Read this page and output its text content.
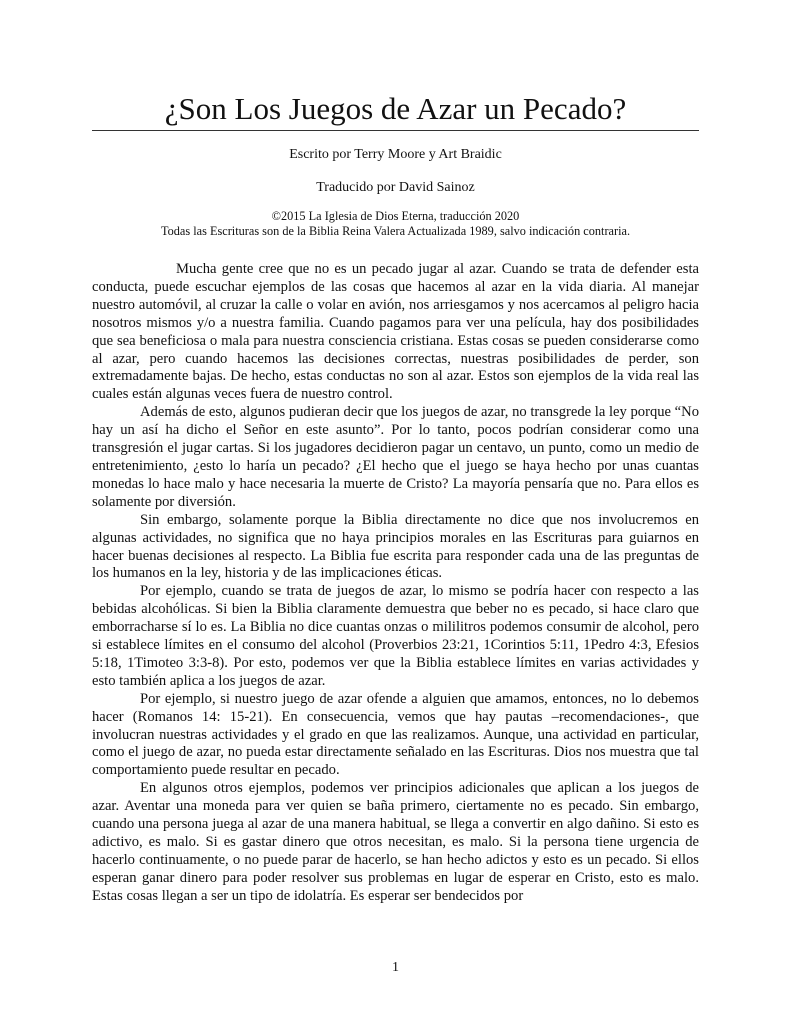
¿Son Los Juegos de Azar un Pecado?

Escrito por Terry Moore y Art Braidic

Traducido por David Sainoz

©2015 La Iglesia de Dios Eterna, traducción 2020
Todas las Escrituras son de la Biblia Reina Valera Actualizada 1989, salvo indicación contraria.

Mucha gente cree que no es un pecado jugar al azar. Cuando se trata de defender esta conducta, puede escuchar ejemplos de las cosas que hacemos al azar en la vida diaria. Al manejar nuestro automóvil, al cruzar la calle o volar en avión, nos arriesgamos y nos acercamos al peligro hacia nosotros mismos y/o a nuestra familia. Cuando pagamos para ver una película, hay dos posibilidades que sea beneficiosa o mala para nuestra consciencia cristiana. Estas cosas se pueden considerarse como al azar, pero cuando hacemos las decisiones correctas, nuestras posibilidades de perder, son extremadamente bajas. De hecho, estas conductas no son al azar. Estos son ejemplos de la vida real las cuales están algunas veces fuera de nuestro control.

Además de esto, algunos pudieran decir que los juegos de azar, no transgrede la ley porque “No hay un así ha dicho el Señor en este asunto”. Por lo tanto, pocos podrían considerar como una transgresión el jugar cartas. Si los jugadores decidieron pagar un centavo, un punto, como un medio de entretenimiento, ¿esto lo haría un pecado? ¿El hecho que el juego se haya hecho por unas cuantas monedas lo hace malo y hace necesaria la muerte de Cristo? La mayoría pensaría que no. Para ellos es solamente por diversión.

Sin embargo, solamente porque la Biblia directamente no dice que nos involucremos en algunas actividades, no significa que no haya principios morales en las Escrituras para guiarnos en hacer buenas decisiones al respecto. La Biblia fue escrita para responder cada una de las preguntas de los humanos en la ley, historia y de las implicaciones éticas.

Por ejemplo, cuando se trata de juegos de azar, lo mismo se podría hacer con respecto a las bebidas alcohólicas. Si bien la Biblia claramente demuestra que beber no es pecado, si hace claro que emborracharse sí lo es. La Biblia no dice cuantas onzas o mililitros podemos consumir de alcohol, pero si establece límites en el consumo del alcohol (Proverbios 23:21, 1Corintios 5:11, 1Pedro 4:3, Efesios 5:18, 1Timoteo 3:3-8). Por esto, podemos ver que la Biblia establece límites en varias actividades y esto también aplica a los juegos de azar.

Por ejemplo, si nuestro juego de azar ofende a alguien que amamos, entonces, no lo debemos hacer (Romanos 14: 15-21). En consecuencia, vemos que hay pautas –recomendaciones-, que involucran nuestras actividades y el grado en que las realizamos. Aunque, una actividad en particular, como el juego de azar, no pueda estar directamente señalado en las Escrituras. Dios nos muestra que tal comportamiento puede resultar en pecado.

En algunos otros ejemplos, podemos ver principios adicionales que aplican a los juegos de azar. Aventar una moneda para ver quien se baña primero, ciertamente no es pecado. Sin embargo, cuando una persona juega al azar de una manera habitual, se llega a convertir en algo dañino. Si esto es adictivo, es malo. Si es gastar dinero que otros necesitan, es malo. Si la persona tiene urgencia de hacerlo continuamente, o no puede parar de hacerlo, se han hecho adictos y esto es un pecado. Si ellos esperan ganar dinero para poder resolver sus problemas en lugar de esperar en Cristo, esto es malo. Estas cosas llegan a ser un tipo de idolatría. Es esperar ser bendecidos por

1
